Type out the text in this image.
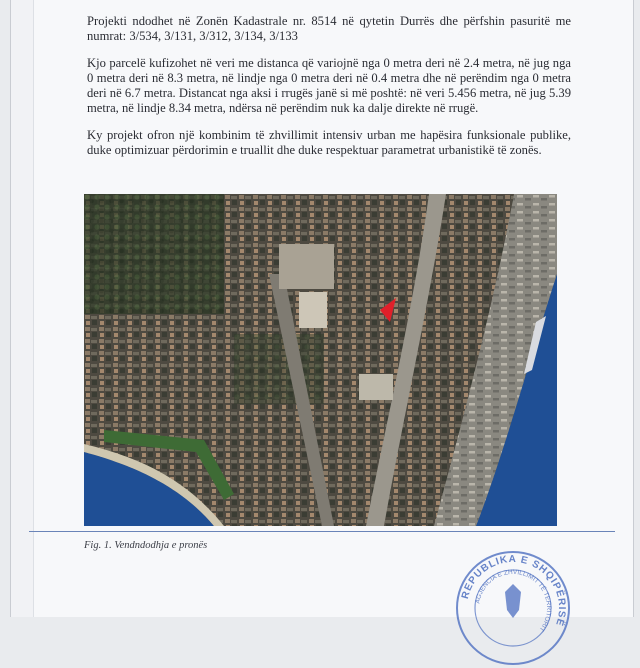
Projekti ndodhet në Zonën Kadastrale nr. 8514 në qytetin Durrës dhe përfshin pasuritë me numrat: 3/534, 3/131, 3/312, 3/134, 3/133

Kjo parcelë kufizohet në veri me distanca që variojnë nga 0 metra deri në 2.4 metra, në jug nga 0 metra deri në 8.3 metra, në lindje nga 0 metra deri në 0.4 metra dhe në perëndim nga 0 metra deri në 6.7 metra. Distancat nga aksi i rrugës janë si më poshtë: në veri 5.456 metra, në jug 5.39 metra, në lindje 8.34 metra, ndërsa në perëndim nuk ka dalje direkte në rrugë.

Ky projekt ofron një kombinim të zhvillimit intensiv urban me hapësira funksionale publike, duke optimizuar përdorimin e truallit dhe duke respektuar parametrat urbanistikë të zonës.

Fig. 1. Vendndodhja e pronës
REPUBLIKA E SHQIPËRISË
AGJENCIA E ZHVILLIMIT TË TERRITORIT
